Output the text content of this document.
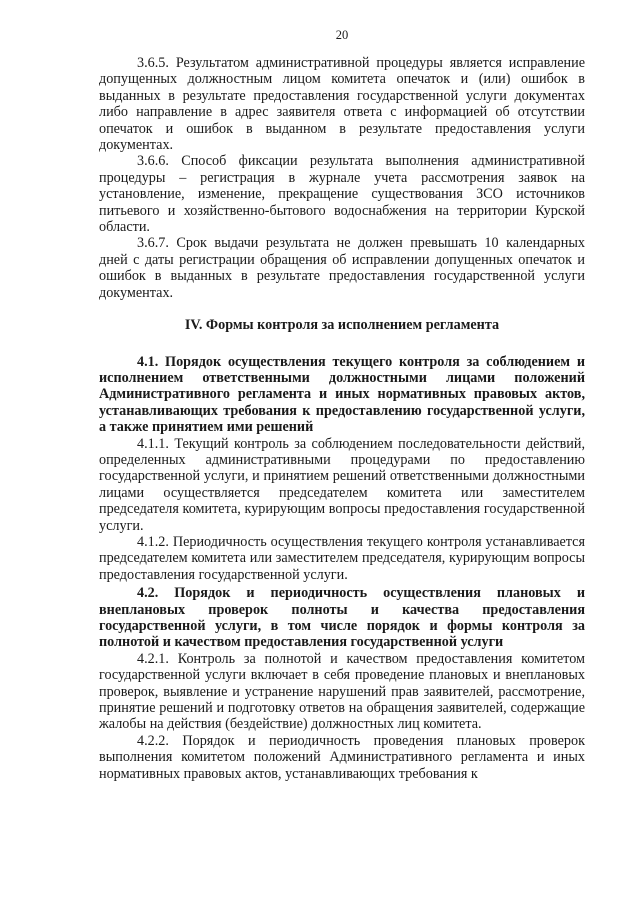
20

3.6.5. Результатом административной процедуры является исправление допущенных должностным лицом комитета опечаток и (или) ошибок в выданных в результате предоставления государственной услуги документах либо направление в адрес заявителя ответа с информацией об отсутствии опечаток и ошибок в выданном в результате предоставления услуги документах.

3.6.6. Способ фиксации результата выполнения административной процедуры – регистрация в журнале учета рассмотрения заявок на установление, изменение, прекращение существования ЗСО источников питьевого и хозяйственно-бытового водоснабжения на территории Курской области.

3.6.7. Срок выдачи результата не должен превышать 10 календарных дней с даты регистрации обращения об исправлении допущенных опечаток и ошибок в выданных в результате предоставления государственной услуги документах.

IV. Формы контроля за исполнением регламента

4.1. Порядок осуществления текущего контроля за соблюдением и исполнением ответственными должностными лицами положений Административного регламента и иных нормативных правовых актов, устанавливающих требования к предоставлению государственной услуги, а также принятием ими решений

4.1.1. Текущий контроль за соблюдением последовательности действий, определенных административными процедурами по предоставлению государственной услуги, и принятием решений ответственными должностными лицами осуществляется председателем комитета или заместителем председателя комитета, курирующим вопросы предоставления государственной услуги.

4.1.2. Периодичность осуществления текущего контроля устанавливается председателем комитета или заместителем председателя, курирующим вопросы предоставления государственной услуги.

4.2. Порядок и периодичность осуществления плановых и внеплановых проверок полноты и качества предоставления государственной услуги, в том числе порядок и формы контроля за полнотой и качеством предоставления государственной услуги

4.2.1. Контроль за полнотой и качеством предоставления комитетом государственной услуги включает в себя проведение плановых и внеплановых проверок, выявление и устранение нарушений прав заявителей, рассмотрение, принятие решений и подготовку ответов на обращения заявителей, содержащие жалобы на действия (бездействие) должностных лиц комитета.

4.2.2. Порядок и периодичность проведения плановых проверок выполнения комитетом положений Административного регламента и иных нормативных правовых актов, устанавливающих требования к
